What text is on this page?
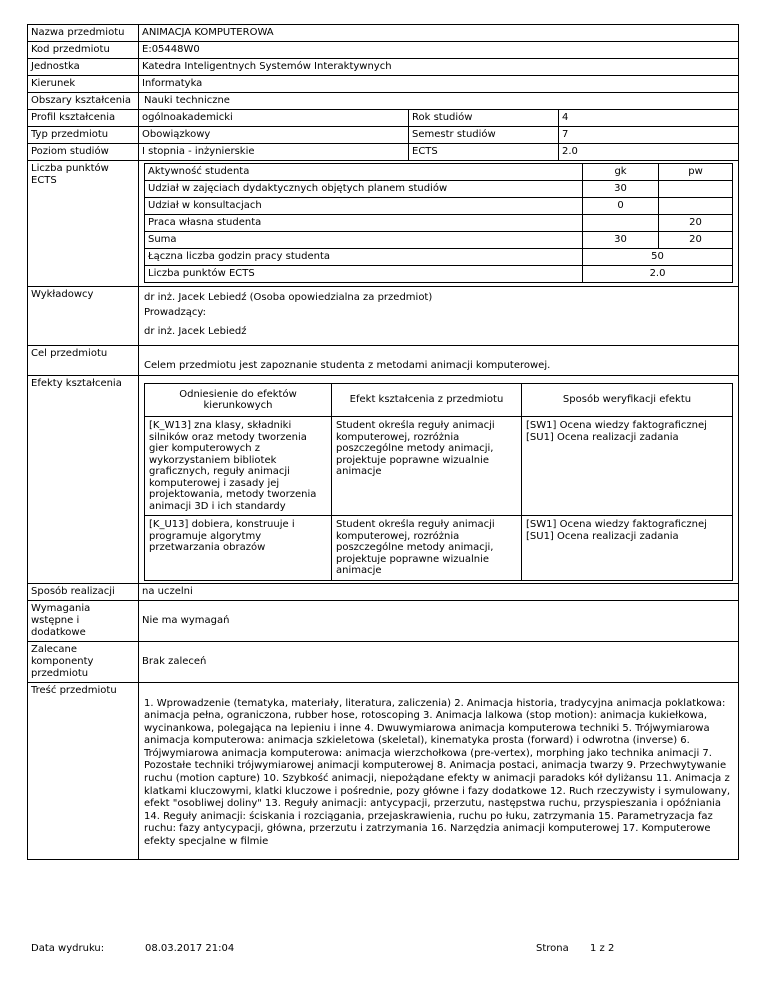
Nazwa przedmiotu	ANIMACJA KOMPUTEROWA
Kod przedmiotu	E:05448W0
Jednostka	Katedra Inteligentnych Systemów Interaktywnych
Kierunek	Informatyka
Obszary kształcenia	Nauki techniczne
Profil kształcenia	ogólnoakademicki	Rok studiów	4
Typ przedmiotu	Obowiązkowy	Semestr studiów	7
Poziom studiów	I stopnia - inżynierskie	ECTS	2.0
Liczba punktów ECTS	
Aktywność studenta	gk	pw
Udział w zajęciach dydaktycznych objętych planem studiów	30	
Udział w konsultacjach	0	
Praca własna studenta		20
Suma	30	20
Łączna liczba godzin pracy studenta	50
Liczba punktów ECTS	2.0

Wykładowcy	dr inż. Jacek Lebiedź (Osoba opowiedzialna za przedmiot)
Prowadzący:
dr inż. Jacek Lebiedź

Cel przedmiotu	Celem przedmiotu jest zapoznanie studenta z metodami animacji komputerowej.
Efekty kształcenia	
Odniesienie do efektów kierunkowych	Efekt kształcenia z przedmiotu	Sposób weryfikacji efektu
[K_W13] zna klasy, składniki silników oraz metody tworzenia gier komputerowych z wykorzystaniem bibliotek graficznych, reguły animacji komputerowej i zasady jej projektowania, metody tworzenia animacji 3D i ich standardy	Student określa reguły animacji komputerowej, rozróżnia poszczególne metody animacji, projektuje poprawne wizualnie animacje	
[SW1] Ocena wiedzy faktograficznej
[SU1] Ocena realizacji zadania

[K_U13] dobiera, konstruuje i programuje algorytmy przetwarzania obrazów	Student określa reguły animacji komputerowej, rozróżnia poszczególne metody animacji, projektuje poprawne wizualnie animacje	
[SW1] Ocena wiedzy faktograficznej
[SU1] Ocena realizacji zadania

Sposób realizacji	na uczelni
Wymagania wstępne i dodatkowe	Nie ma wymagań
Zalecane komponenty przedmiotu	Brak zaleceń
Treść przedmiotu	1. Wprowadzenie (tematyka, materiały, literatura, zaliczenia) 2. Animacja historia, tradycyjna animacja poklatkowa: animacja pełna, ograniczona, rubber hose, rotoscoping 3. Animacja lalkowa (stop motion): animacja kukiełkowa, wycinankowa, polegająca na lepieniu i inne 4. Dwuwymiarowa animacja komputerowa techniki 5. Trójwymiarowa animacja komputerowa: animacja szkieletowa (skeletal), kinematyka prosta (forward) i odwrotna (inverse) 6. Trójwymiarowa animacja komputerowa: animacja wierzchołkowa (pre-vertex), morphing jako technika animacji 7. Pozostałe techniki trójwymiarowej animacji komputerowej 8. Animacja postaci, animacja twarzy 9. Przechwytywanie ruchu (motion capture) 10. Szybkość animacji, niepożądane efekty w animacji paradoks kół dyliżansu 11. Animacja z klatkami kluczowymi, klatki kluczowe i pośrednie, pozy główne i fazy dodatkowe 12. Ruch rzeczywisty i symulowany, efekt "osobliwej doliny" 13. Reguły animacji: antycypacji, przerzutu, następstwa ruchu, przyspieszania i opóźniania 14. Reguły animacji: ściskania i rozciągania, przejaskrawienia, ruchu po łuku, zatrzymania 15. Parametryzacja faz ruchu: fazy antycypacji, główna, przerzutu i zatrzymania 16. Narzędzia animacji komputerowej 17. Komputerowe efekty specjalne w filmie
Data wydruku:	08.03.2017 21:04	Strona 1 z 2
